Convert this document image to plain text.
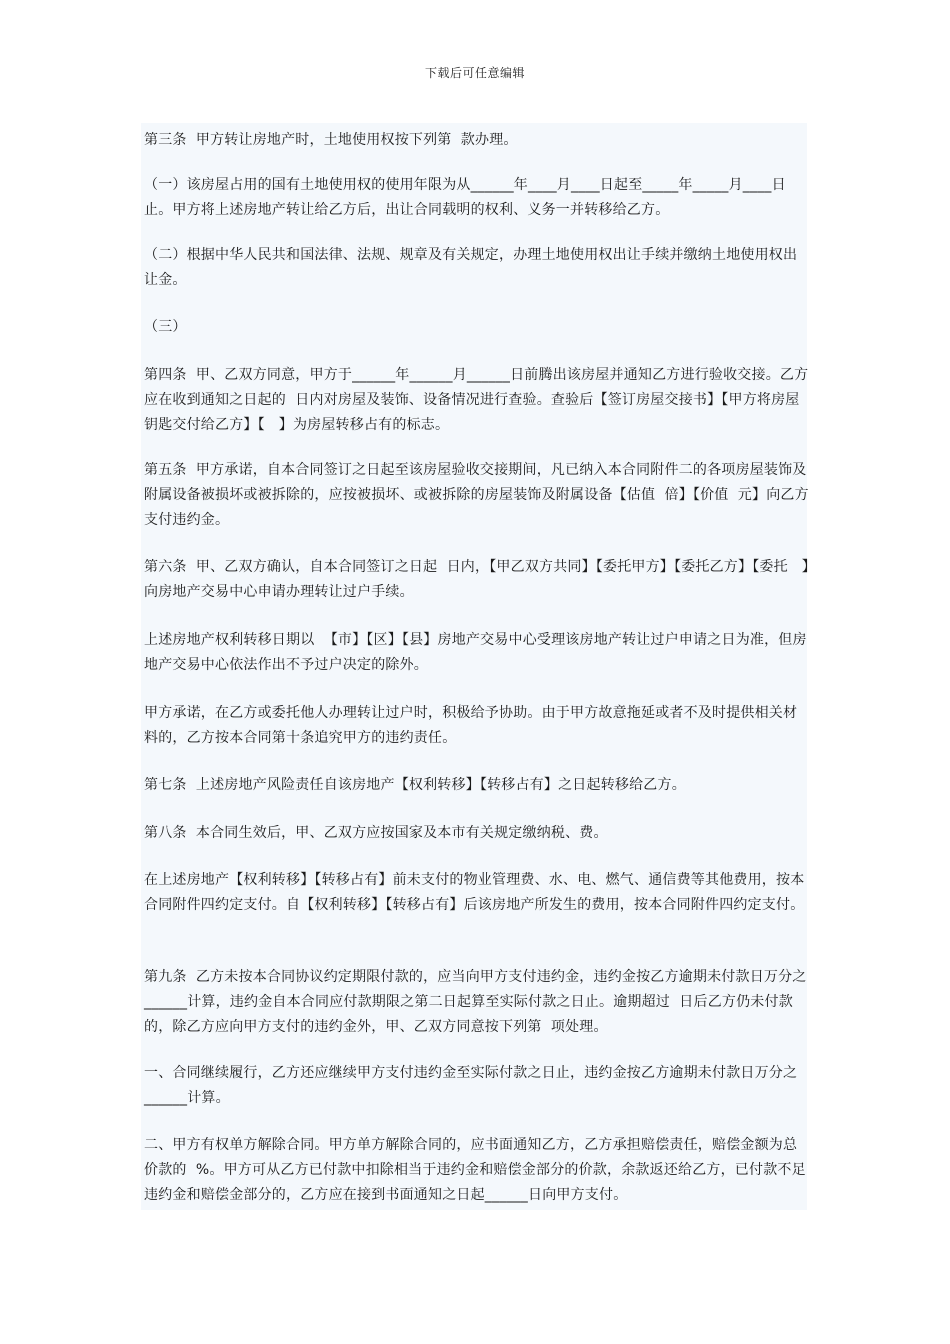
下载后可任意编辑

第三条  甲方转让房地产时，土地使用权按下列第  款办理。

（一）该房屋占用的国有土地使用权的使用年限为从______年____月____日起至_____年_____月____日止。甲方将上述房地产转让给乙方后，出让合同载明的权利、义务一并转移给乙方。

（二）根据中华人民共和国法律、法规、规章及有关规定，办理土地使用权出让手续并缴纳土地使用权出让金。

（三）

第四条  甲、乙双方同意，甲方于______年______月______日前腾出该房屋并通知乙方进行验收交接。乙方应在收到通知之日起的  日内对房屋及装饰、设备情况进行查验。查验后【签订房屋交接书】【甲方将房屋钥匙交付给乙方】【   】为房屋转移占有的标志。

第五条  甲方承诺，自本合同签订之日起至该房屋验收交接期间，凡已纳入本合同附件二的各项房屋装饰及附属设备被损坏或被拆除的，应按被损坏、或被拆除的房屋装饰及附属设备【估值  倍】【价值  元】向乙方支付违约金。

第六条  甲、乙双方确认，自本合同签订之日起  日内，【甲乙双方共同】【委托甲方】【委托乙方】【委托   】向房地产交易中心申请办理转让过户手续。

上述房地产权利转移日期以  【市】【区】【县】房地产交易中心受理该房地产转让过户申请之日为准，但房地产交易中心依法作出不予过户决定的除外。

甲方承诺，在乙方或委托他人办理转让过户时，积极给予协助。由于甲方故意拖延或者不及时提供相关材料的，乙方按本合同第十条追究甲方的违约责任。

第七条  上述房地产风险责任自该房地产【权利转移】【转移占有】之日起转移给乙方。

第八条  本合同生效后，甲、乙双方应按国家及本市有关规定缴纳税、费。

在上述房地产【权利转移】【转移占有】前未支付的物业管理费、水、电、燃气、通信费等其他费用，按本合同附件四约定支付。自【权利转移】【转移占有】后该房地产所发生的费用，按本合同附件四约定支付。

第九条  乙方未按本合同协议约定期限付款的，应当向甲方支付违约金，违约金按乙方逾期未付款日万分之______计算，违约金自本合同应付款期限之第二日起算至实际付款之日止。逾期超过  日后乙方仍未付款的，除乙方应向甲方支付的违约金外，甲、乙双方同意按下列第  项处理。

一、合同继续履行，乙方还应继续甲方支付违约金至实际付款之日止，违约金按乙方逾期未付款日万分之______计算。

二、甲方有权单方解除合同。甲方单方解除合同的，应书面通知乙方，乙方承担赔偿责任，赔偿金额为总价款的  %。甲方可从乙方已付款中扣除相当于违约金和赔偿金部分的价款，余款返还给乙方，已付款不足违约金和赔偿金部分的，乙方应在接到书面通知之日起______日向甲方支付。
